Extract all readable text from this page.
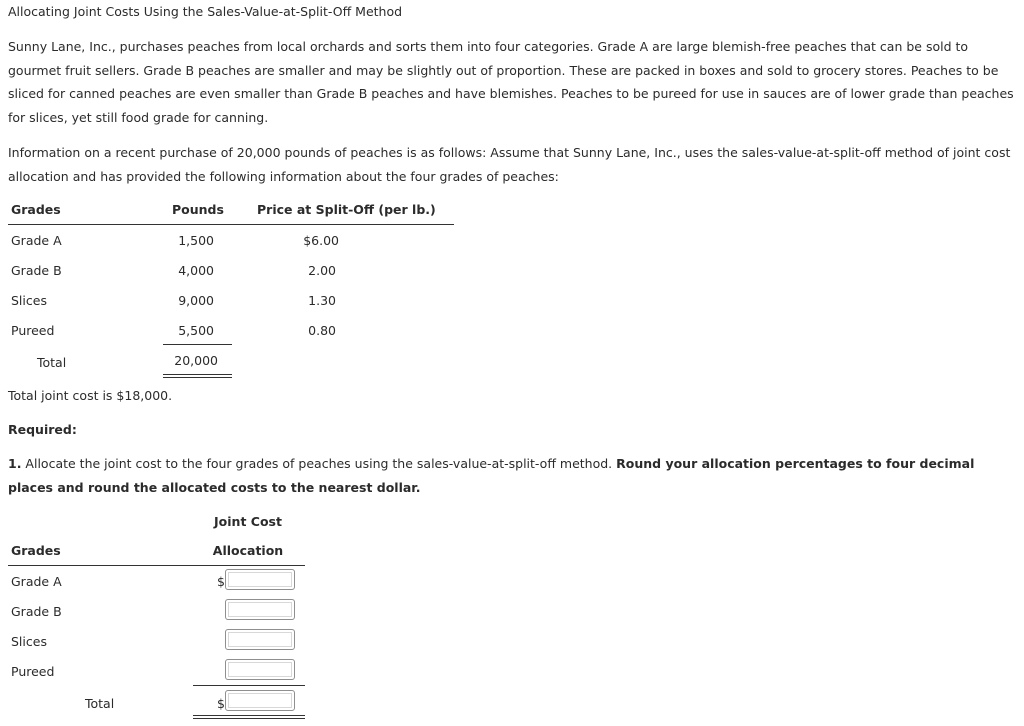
Allocating Joint Costs Using the Sales-Value-at-Split-Off Method
Sunny Lane, Inc., purchases peaches from local orchards and sorts them into four categories. Grade A are large blemish-free peaches that can be sold to gourmet fruit sellers. Grade B peaches are smaller and may be slightly out of proportion. These are packed in boxes and sold to grocery stores. Peaches to be sliced for canned peaches are even smaller than Grade B peaches and have blemishes. Peaches to be pureed for use in sauces are of lower grade than peaches for slices, yet still food grade for canning.
Information on a recent purchase of 20,000 pounds of peaches is as follows: Assume that Sunny Lane, Inc., uses the sales-value-at-split-off method of joint cost allocation and has provided the following information about the four grades of peaches:
Grades	Pounds	Price at Split-Off (per lb.)
Grade A	1,500	$6.00
Grade B	4,000	2.00
Slices	9,000	1.30
Pureed	5,500	0.80
Total	20,000
Total joint cost is $18,000.
Required:
1. Allocate the joint cost to the four grades of peaches using the sales-value-at-split-off method. Round your allocation percentages to four decimal places and round the allocated costs to the nearest dollar.
Joint Cost
Grades	Allocation
Grade A	$
Grade B
Slices
Pureed
Total	$
